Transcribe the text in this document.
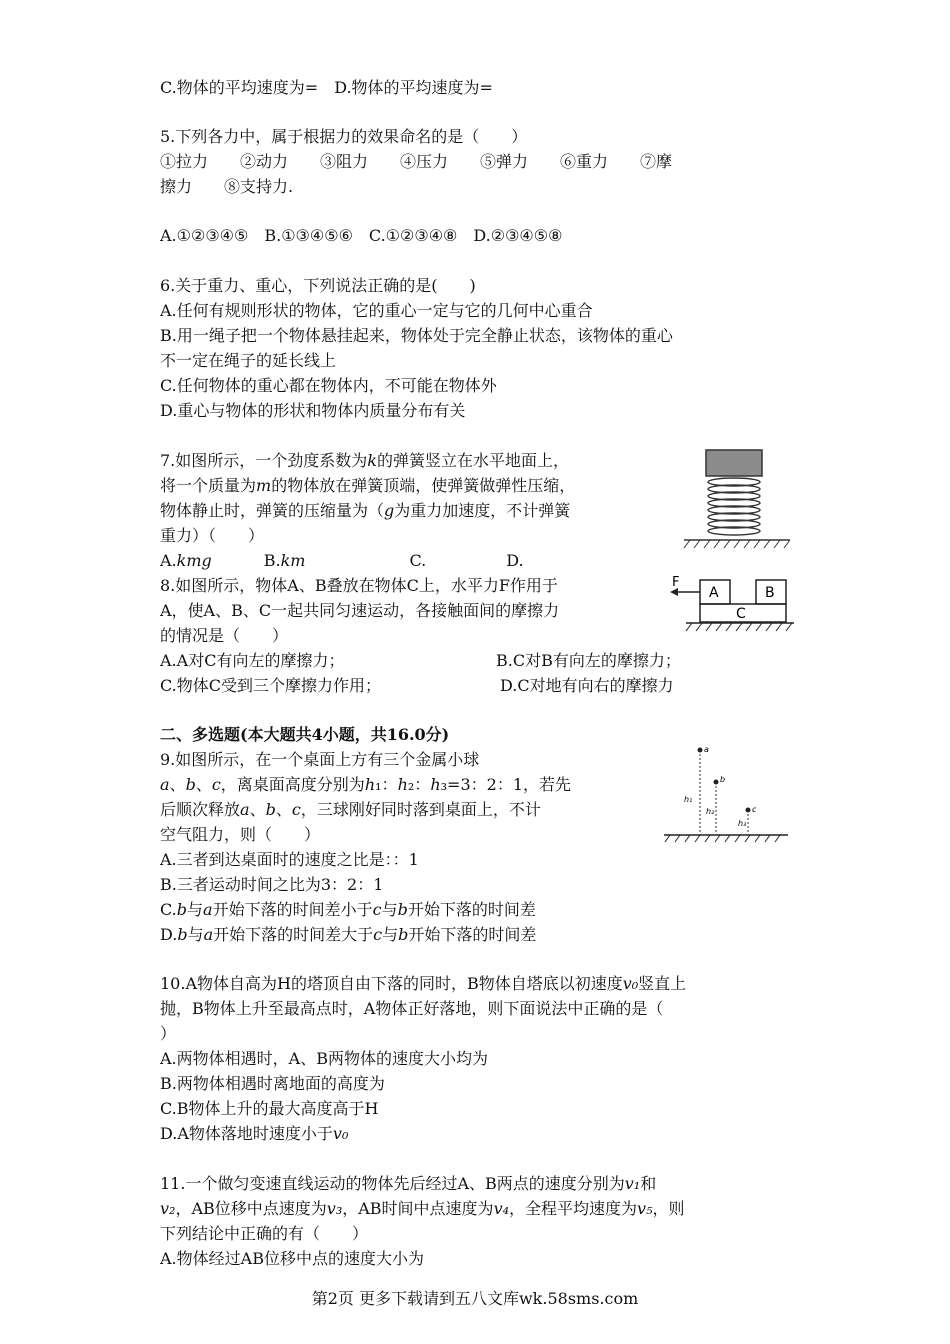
C.物体的平均速度为=　 D.物体的平均速度为=
5.下列各力中，属于根据力的效果命名的是（　　）
①拉力　　②动力　　③阻力　　④压力　　⑤弹力　　⑥重力　　⑦摩
擦力　　⑧支持力.
A.①②③④⑤　B.①③④⑤⑥　C.①②③④⑧　D.②③④⑤⑧
6.关于重力、重心，下列说法正确的是(　　)
A.任何有规则形状的物体，它的重心一定与它的几何中心重合
B.用一绳子把一个物体悬挂起来，物体处于完全静止状态，该物体的重心
不一定在绳子的延长线上
C.任何物体的重心都在物体内，不可能在物体外
D.重心与物体的形状和物体内质量分布有关
7.如图所示，一个劲度系数为k的弹簧竖立在水平地面上，
将一个质量为m的物体放在弹簧顶端，使弹簧做弹性压缩，
物体静止时，弹簧的压缩量为（g为重力加速度，不计弹簧
重力）（　　）
A.kmg	B.km	C.	D.
8.如图所示，物体A、B叠放在物体C上，水平力F作用于
A，使A、B、C一起共同匀速运动，各接触面间的摩擦力
的情况是（　　）
A.A对C有向左的摩擦力；	B.C对B有向左的摩擦力；
C.物体C受到三个摩擦力作用；	D.C对地有向右的摩擦力
F
A	B
C
二、多选题(本大题共4小题，共16.0分)
9.如图所示，在一个桌面上方有三个金属小球
a、b、c，离桌面高度分别为h₁：h₂：h₃=3：2：1，若先
后顺次释放a、b、c，三球刚好同时落到桌面上，不计
空气阻力，则（　　）
A.三者到达桌面时的速度之比是：：1
B.三者运动时间之比为3：2：1
C.b与a开始下落的时间差小于c与b开始下落的时间差
D.b与a开始下落的时间差大于c与b开始下落的时间差
b
c
a
h₁
h₂
h₃
10.A物体自高为H的塔顶自由下落的同时，B物体自塔底以初速度v₀竖直上
抛，B物体上升至最高点时，A物体正好落地，则下面说法中正确的是（
）
A.两物体相遇时，A、B两物体的速度大小均为
B.两物体相遇时离地面的高度为
C.B物体上升的最大高度高于H
D.A物体落地时速度小于v₀
11.一个做匀变速直线运动的物体先后经过A、B两点的速度分别为v₁和
v₂，AB位移中点速度为v₃，AB时间中点速度为v₄，全程平均速度为v₅，则
下列结论中正确的有（　　）
A.物体经过AB位移中点的速度大小为
第2页 更多下载请到五八文库wk.58sms.com
